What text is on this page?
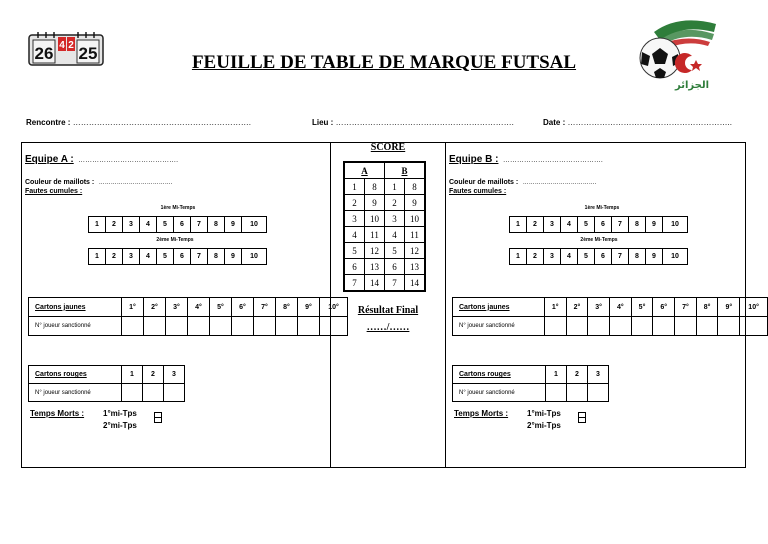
26 4 2 25
الجزائر
FEUILLE DE TABLE DE MARQUE FUTSAL
Rencontre : ………………………………………………………….	Lieu : ………………………………………………………….	Date : ……………………………………………………..
Equipe A : …………………………………….
Couleur de maillots : ……………………………….
Fautes cumules :
1ère Mi-Temps
1	2	3	4	5	6	7	8	9	10
2ème Mi-Temps
1	2	3	4	5	6	7	8	9	10
Cartons jaunes	1°	2°	3°	4°	5°	6°	7°	8°	9°	10°
N° joueur sanctionné										
Cartons rouges	1	2	3
N° joueur sanctionné			
Temps Morts : 1°mi-Tps
2°mi-Tps
SCORE
A		B	
1	8	1	8
2	9	2	9
3	10	3	10
4	11	4	11
5	12	5	12
6	13	6	13
7	14	7	14
Résultat Final
……/……
Equipe B : …………………………………….
Couleur de maillots : ……………………………….
Fautes cumules :
1ère Mi-Temps
1	2	3	4	5	6	7	8	9	10
2ème Mi-Temps
1	2	3	4	5	6	7	8	9	10
Cartons jaunes	1°	2°	3°	4°	5°	6°	7°	8°	9°	10°
N° joueur sanctionné										
Cartons rouges	1	2	3
N° joueur sanctionné			
Temps Morts : 1°mi-Tps
2°mi-Tps
